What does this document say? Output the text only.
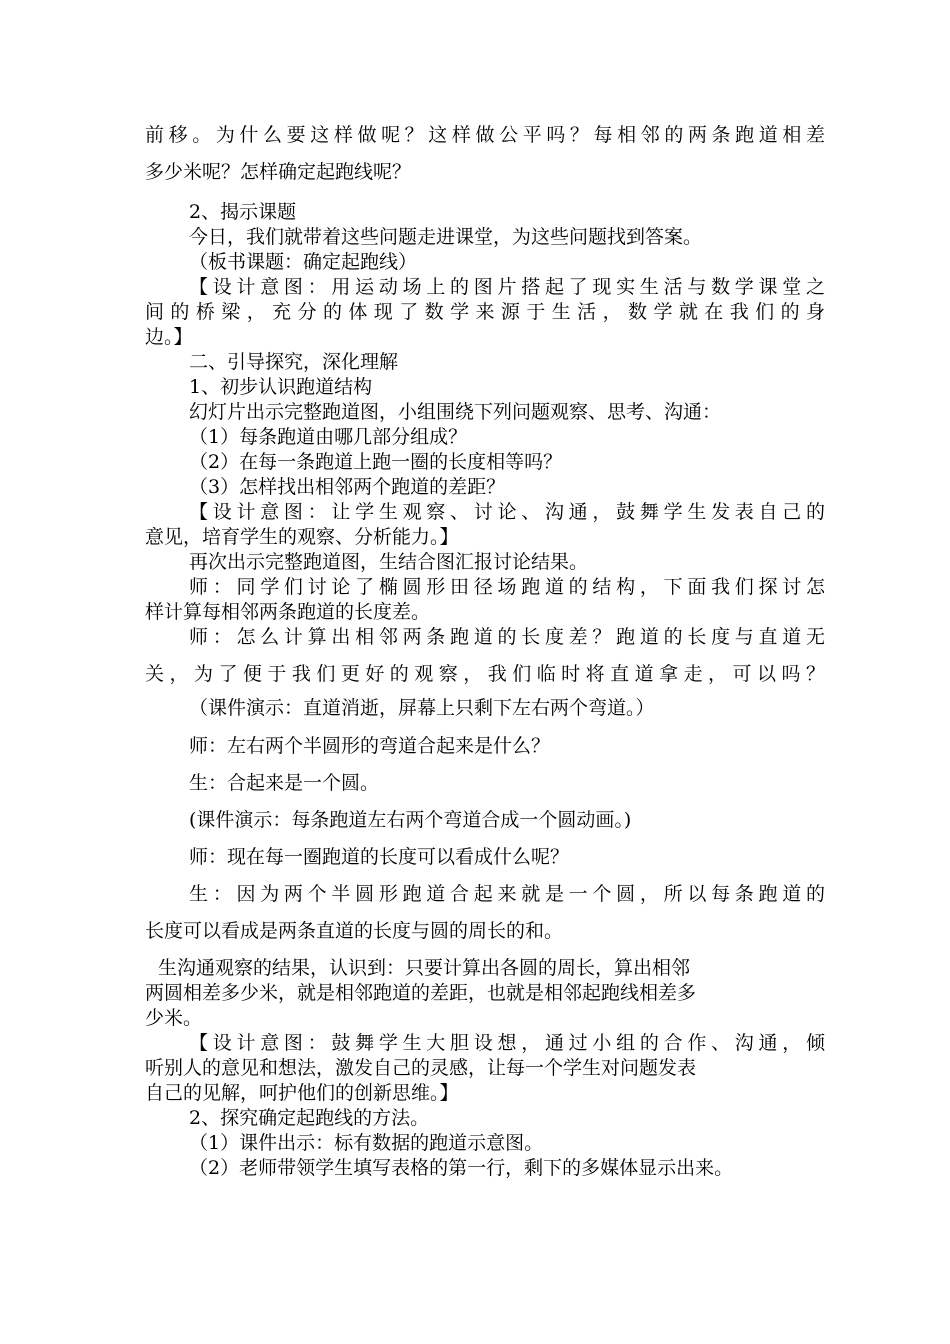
前移。为什么要这样做呢？这样做公平吗？每相邻的两条跑道相差
多少米呢？怎样确定起跑线呢？
2、揭示课题
今日，我们就带着这些问题走进课堂，为这些问题找到答案。
（板书课题：确定起跑线）
【设计意图：用运动场上的图片搭起了现实生活与数学课堂之
间的桥梁，充分的体现了数学来源于生活，数学就在我们的身
边。】
二、引导探究，深化理解
1、初步认识跑道结构
幻灯片出示完整跑道图，小组围绕下列问题观察、思考、沟通：
（1）每条跑道由哪几部分组成？
（2）在每一条跑道上跑一圈的长度相等吗？
（3）怎样找出相邻两个跑道的差距？
【设计意图：让学生观察、讨论、沟通，鼓舞学生发表自己的
意见，培育学生的观察、分析能力。】
再次出示完整跑道图，生结合图汇报讨论结果。
师：同学们讨论了椭圆形田径场跑道的结构，下面我们探讨怎
样计算每相邻两条跑道的长度差。
师：怎么计算出相邻两条跑道的长度差？跑道的长度与直道无
关，为了便于我们更好的观察，我们临时将直道拿走，可以吗？
（课件演示：直道消逝，屏幕上只剩下左右两个弯道。）
师：左右两个半圆形的弯道合起来是什么？
生：合起来是一个圆。
(课件演示：每条跑道左右两个弯道合成一个圆动画。)
师：现在每一圈跑道的长度可以看成什么呢？
生：因为两个半圆形跑道合起来就是一个圆，所以每条跑道的
长度可以看成是两条直道的长度与圆的周长的和。
生沟通观察的结果，认识到：只要计算出各圆的周长，算出相邻
两圆相差多少米，就是相邻跑道的差距，也就是相邻起跑线相差多
少米。
【设计意图：鼓舞学生大胆设想，通过小组的合作、沟通，倾
听别人的意见和想法，激发自己的灵感，让每一个学生对问题发表
自己的见解，呵护他们的创新思维。】
2、探究确定起跑线的方法。
（1）课件出示：标有数据的跑道示意图。
（2）老师带领学生填写表格的第一行，剩下的多媒体显示出来。
